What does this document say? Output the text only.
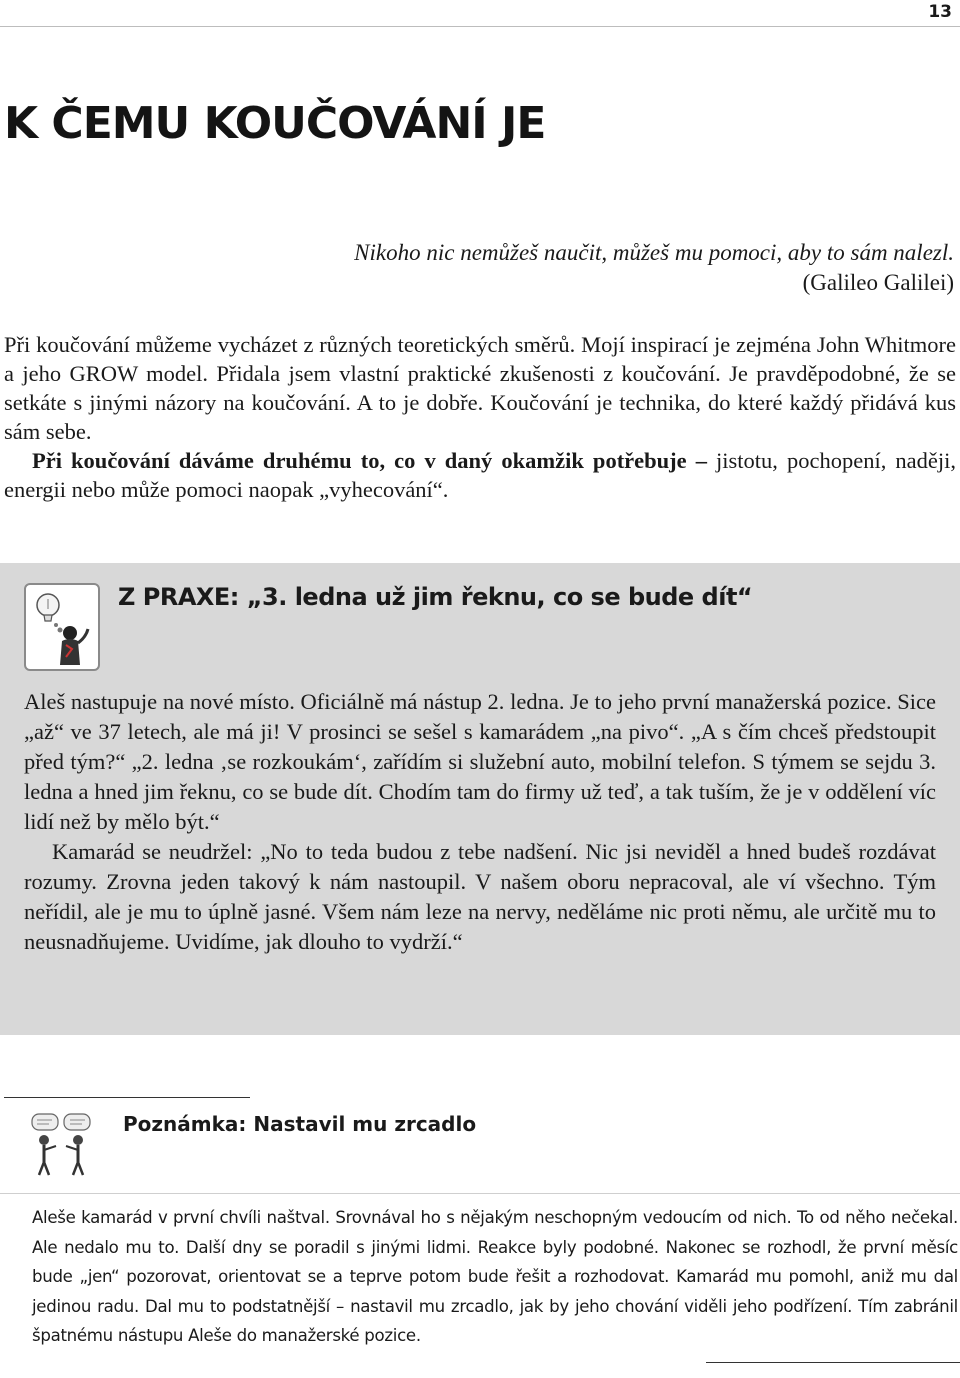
13
K ČEMU KOUČOVÁNÍ JE
Nikoho nic nemůžeš naučit, můžeš mu pomoci, aby to sám nalezl.
(Galileo Galilei)

Při koučování můžeme vycházet z různých teoretických směrů. Mojí inspirací je zejména John Whitmore a jeho GROW model. Přidala jsem vlastní praktické zkušenosti z koučování. Je pravděpodobné, že se setkáte s jinými názory na koučování. A to je dobře. Koučování je technika, do které každý přidává kus sám sebe.

Při koučování dáváme druhému to, co v daný okamžik potřebuje – jistotu, pochopení, naději, energii nebo může pomoci naopak „vyhecování“.

Z PRAXE: „3. ledna už jim řeknu, co se bude dít“

Aleš nastupuje na nové místo. Oficiálně má nástup 2. ledna. Je to jeho první manažerská pozice. Sice „až“ ve 37 letech, ale má ji! V prosinci se sešel s kamarádem „na pivo“. „A s čím chceš předstoupit před tým?“ „2. ledna ‚se rozkoukám‘, zařídím si služební auto, mobilní telefon. S týmem se sejdu 3. ledna a hned jim řeknu, co se bude dít. Chodím tam do firmy už teď, a tak tuším, že je v oddělení víc lidí než by mělo být.“

Kamarád se neudržel: „No to teda budou z tebe nadšení. Nic jsi neviděl a hned budeš rozdávat rozumy. Zrovna jeden takový k nám nastoupil. V našem oboru nepracoval, ale ví všechno. Tým neřídil, ale je mu to úplně jasné. Všem nám leze na nervy, neděláme nic proti němu, ale určitě mu to neusnadňujeme. Uvidíme, jak dlouho to vydrží.“

Poznámka: Nastavil mu zrcadlo

Aleše kamarád v první chvíli naštval. Srovnával ho s nějakým neschopným vedoucím od nich. To od něho nečekal. Ale nedalo mu to. Další dny se poradil s jinými lidmi. Reakce byly podobné. Nakonec se rozhodl, že první měsíc bude „jen“ pozorovat, orientovat se a teprve potom bude řešit a rozhodovat. Kamarád mu pomohl, aniž mu dal jedinou radu. Dal mu to podstatnější – nastavil mu zrcadlo, jak by jeho chování viděli jeho podřízení. Tím zabránil špatnému nástupu Aleše do manažerské pozice.
